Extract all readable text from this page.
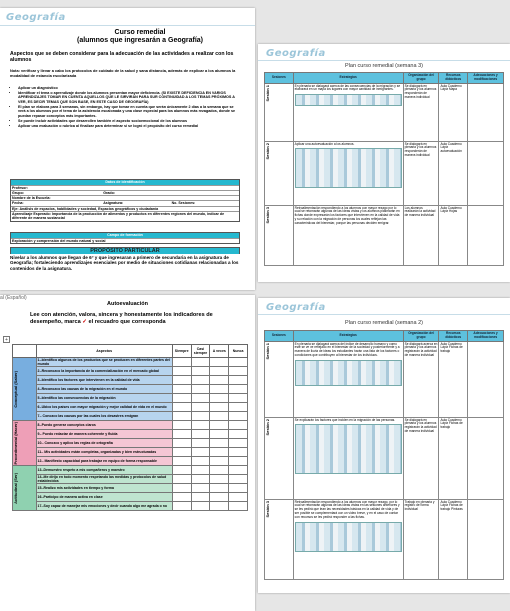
Geografía
Curso remedial
(alumnos que ingresarán a Geografía)
Aspectos que se deben considerar para la adecuación de las actividades a realizar con los alumnos
Nota: verificar y llevar a cabo los protocolos de cuidado de la salud y sana distancia, además de explicar a los alumnos la modalidad de estancia escolarizada
• Aplicar un diagnóstico
• Identificar el tema o aprendizaje donde los alumnos presentan mayor deficiencia. (SI EXISTE DEFICIENCIA EN VARIOS APRENDIZAJES TOMAR EN CUENTA AQUELLOS QUE LE SIRVIRÁN PARA SUR CONTINUIDAD A LOS TEMAS PRÓXIMOS A VER, ES DECIR TEMAS QUE SON BASE, EN ESTE CASO DE GEOGRAFÍA)
• El plan se elabora para 3 semanas, sin embargo, hay que tomar en cuenta que serán únicamente 2 días a la semana que se verá a los alumnos por el tema de la asistencia escalonada y una clase especial para los alumnos más rezagados, donde se puedan repasar conceptos más importantes.
• Se puede incluir actividades que desarrollen también el aspecto socioemocional de los alumnos
• Aplicar una evaluación o rubrica al finalizar para determinar si se logró el propósito del curso remedial
Datos de identificación
Profesor:
Grupo:	Grado:
Nombre de la Escuela:
Fecha:	Asignatura:	No. Sesiones:
Eje: Análisis de espacios, habilidades y sociedad, Espacios geográficos y ciudadanía
Aprendizaje Esperado: Importancia de la producción de alimentos y productos en diferentes regiones del mundo, indicar de diferente de manera sustancial
Campo de formación
Exploración y comprensión del mundo natural y social
PROPÓSITO PARTICULAR
Nivelar a los alumnos que llegan de 6° y que ingresaran a primero de secundaria en la asignatura de Geografía; fortaleciendo aprendizajes esenciales por medio de situaciones cotidianas relacionadas a los contenidos de la asignatura.
Geografía
Plan curso remedial (semana 3)
Sesiones	Estrategias	Organización del grupo	Recursos didácticos	Adecuaciones y modificaciones

Sesión 1	En plenaria se dialogará acerca de las consecuencias de la migración y se elaborará en un mapa los lugares con mayor cantidad de inmigrantes.	Se dialogará en plenaria y los alumnos responderán de manera individual	Aula Cuaderno Lápiz Mapa	

Sesión 2	Aplicar una autoevaluación a los alumnos.	Se dialogará en plenaria y los alumnos responderán de manera individual	Aula Cuaderno Lápiz autoevaluación	

Sesión 3	Retroalimentación respondiendo a los alumnos con mayor rezago por lo cual se retomarán algunas de las ideas vistas y los alumnos plasmarán en fichas donde expresarán los factores que intervienen en la calidad de vida y su relación con la migración de personas los cuales reflejan las características del bienestar, porque las personas deciden emigrar.	Los alumnos realizarán la actividad de manera individual	Aula Cuaderno Lápiz Hojas	
al (Español)
Autoevaluación
Lee con atención, valora, sincera y honestamente los indicadores de desempeño, marca ✓ el recuadro que corresponda
+
	Aspectos	Siempre	Casi siempre	A veces	Nunca

Conceptual (Saber)	1.-Identifico algunos de los productos que se producen en diferentes partes del mundo				
	2.-Reconozco la importancia de la comercialización en el mercado global				
	3.-Identifico los factores que intervienen en la calidad de vida				
	4.-Reconozco las causas de la migración en el mundo				
	5.-Identifico las consecuencias de la migración				
	6.-Ubico los países con mayor migración y mejor calidad de vida en el mundo				
	7.- Conozco las causas por las cuales los desastres emigran				

Procedimental (Hacer)	8.-Puedo generar conceptos claros				
	9.- Puedo redactar de manera coherente y fluida				
	10.- Conozco y aplico las reglas de ortografía				
	11.- Mis actividades están completas, organizadas y bien estructuradas				
	12.- Manifiesto capacidad para trabajar en equipo de forma responsable				

Actitudinal (Ser)	13.-Demuestro respeto a mis compañeros y maestro				
	14.-Me dirijo en todo momento respetando las medidas y protocolos de salud establecidos				
	15.-Realizo mis actividades en tiempo y forma				
	16.-Participo de manera activa en clase				
	17.-Soy capaz de manejar mis emociones y decir cuando algo me agrada o no				
Geografía
Plan curso remedial (semana 2)
Sesiones	Estrategias	Organización del grupo	Recursos didácticos	Adecuaciones y modificaciones

Sesión 1	En plenaria se dialogará acerca del índice de desarrollo humano y como este se ve ve reflejado en el bienestar de la sociedad y posteriormente y a manera de lluvia de ideas los estudiantes harán una lista de los factores o condiciones que contribuyen al bienestar de los individuos.	Se dialogará acerca en plenaria y los alumnos registrarán la actividad de manera individual	Aula Cuaderno Lápiz Fichas de trabajo	

Sesión 2	Se explicarán los factores que inciden en la migración de las personas.	Se dialogará en plenaria y los alumnos registrarán la actividad de manera individual	Aula Cuaderno Lápiz Fichas de trabajo	

Sesión 3	Retroalimentación respondiendo a los alumnos con mayor rezago, por lo cual se retomarán algunas de las ideas vistas en las sesiones anteriores y se les pedirá que lean las necesidades básicas en la calidad de vida y de ser posible se complementará con un video breve, y en el caso de contar con recursos se les pedirá responder a las fichas.	Trabajo en plenaria y registro de forma individual	Aula Cuaderno Lápiz Fichas de trabajo Pinturas	
